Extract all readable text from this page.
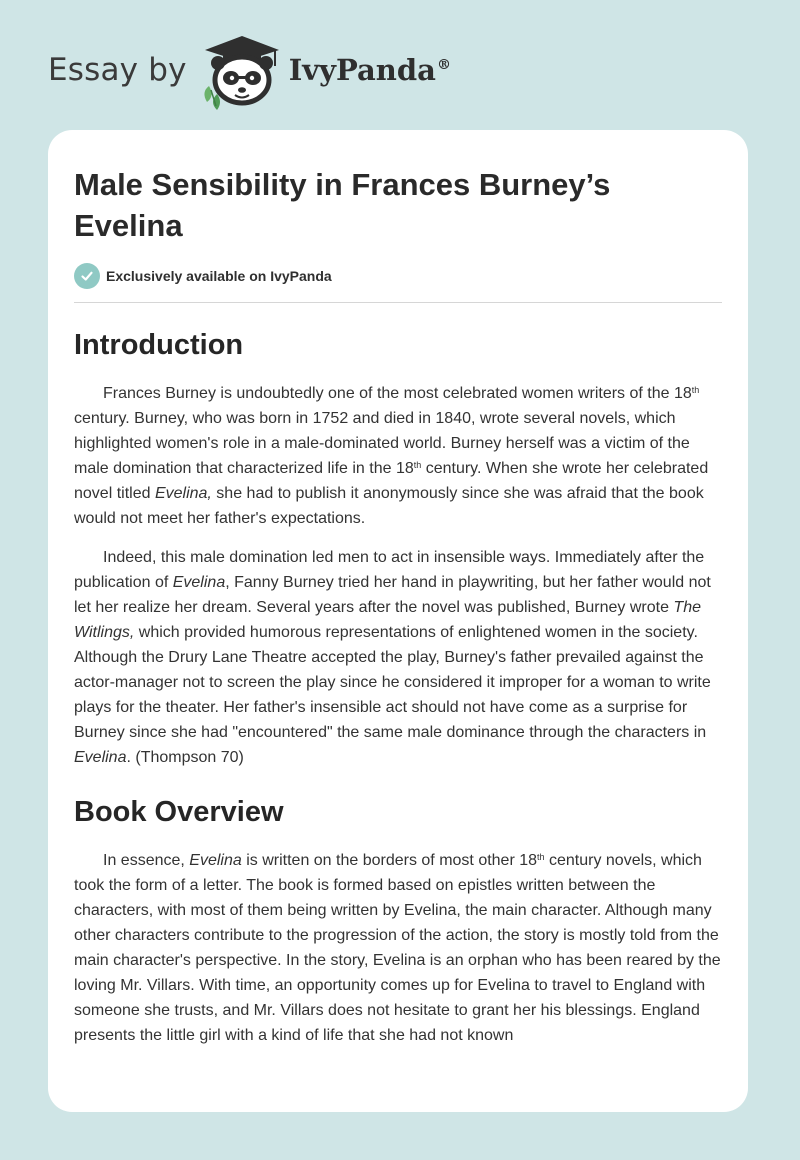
Essay by	IvyPanda®
Male Sensibility in Frances Burney’s Evelina
Exclusively available on IvyPanda
Introduction

Frances Burney is undoubtedly one of the most celebrated women writers of the 18th century. Burney, who was born in 1752 and died in 1840, wrote several novels, which highlighted women's role in a male-dominated world. Burney herself was a victim of the male domination that characterized life in the 18th century. When she wrote her celebrated novel titled Evelina, she had to publish it anonymously since she was afraid that the book would not meet her father's expectations.

Indeed, this male domination led men to act in insensible ways. Immediately after the publication of Evelina, Fanny Burney tried her hand in playwriting, but her father would not let her realize her dream. Several years after the novel was published, Burney wrote The Witlings, which provided humorous representations of enlightened women in the society. Although the Drury Lane Theatre accepted the play, Burney's father prevailed against the actor-manager not to screen the play since he considered it improper for a woman to write plays for the theater. Her father's insensible act should not have come as a surprise for Burney since she had "encountered" the same male dominance through the characters in Evelina. (Thompson 70)

Book Overview

In essence, Evelina is written on the borders of most other 18th century novels, which took the form of a letter. The book is formed based on epistles written between the characters, with most of them being written by Evelina, the main character. Although many other characters contribute to the progression of the action, the story is mostly told from the main character's perspective. In the story, Evelina is an orphan who has been reared by the loving Mr. Villars. With time, an opportunity comes up for Evelina to travel to England with someone she trusts, and Mr. Villars does not hesitate to grant her his blessings. England presents the little girl with a kind of life that she had not known
